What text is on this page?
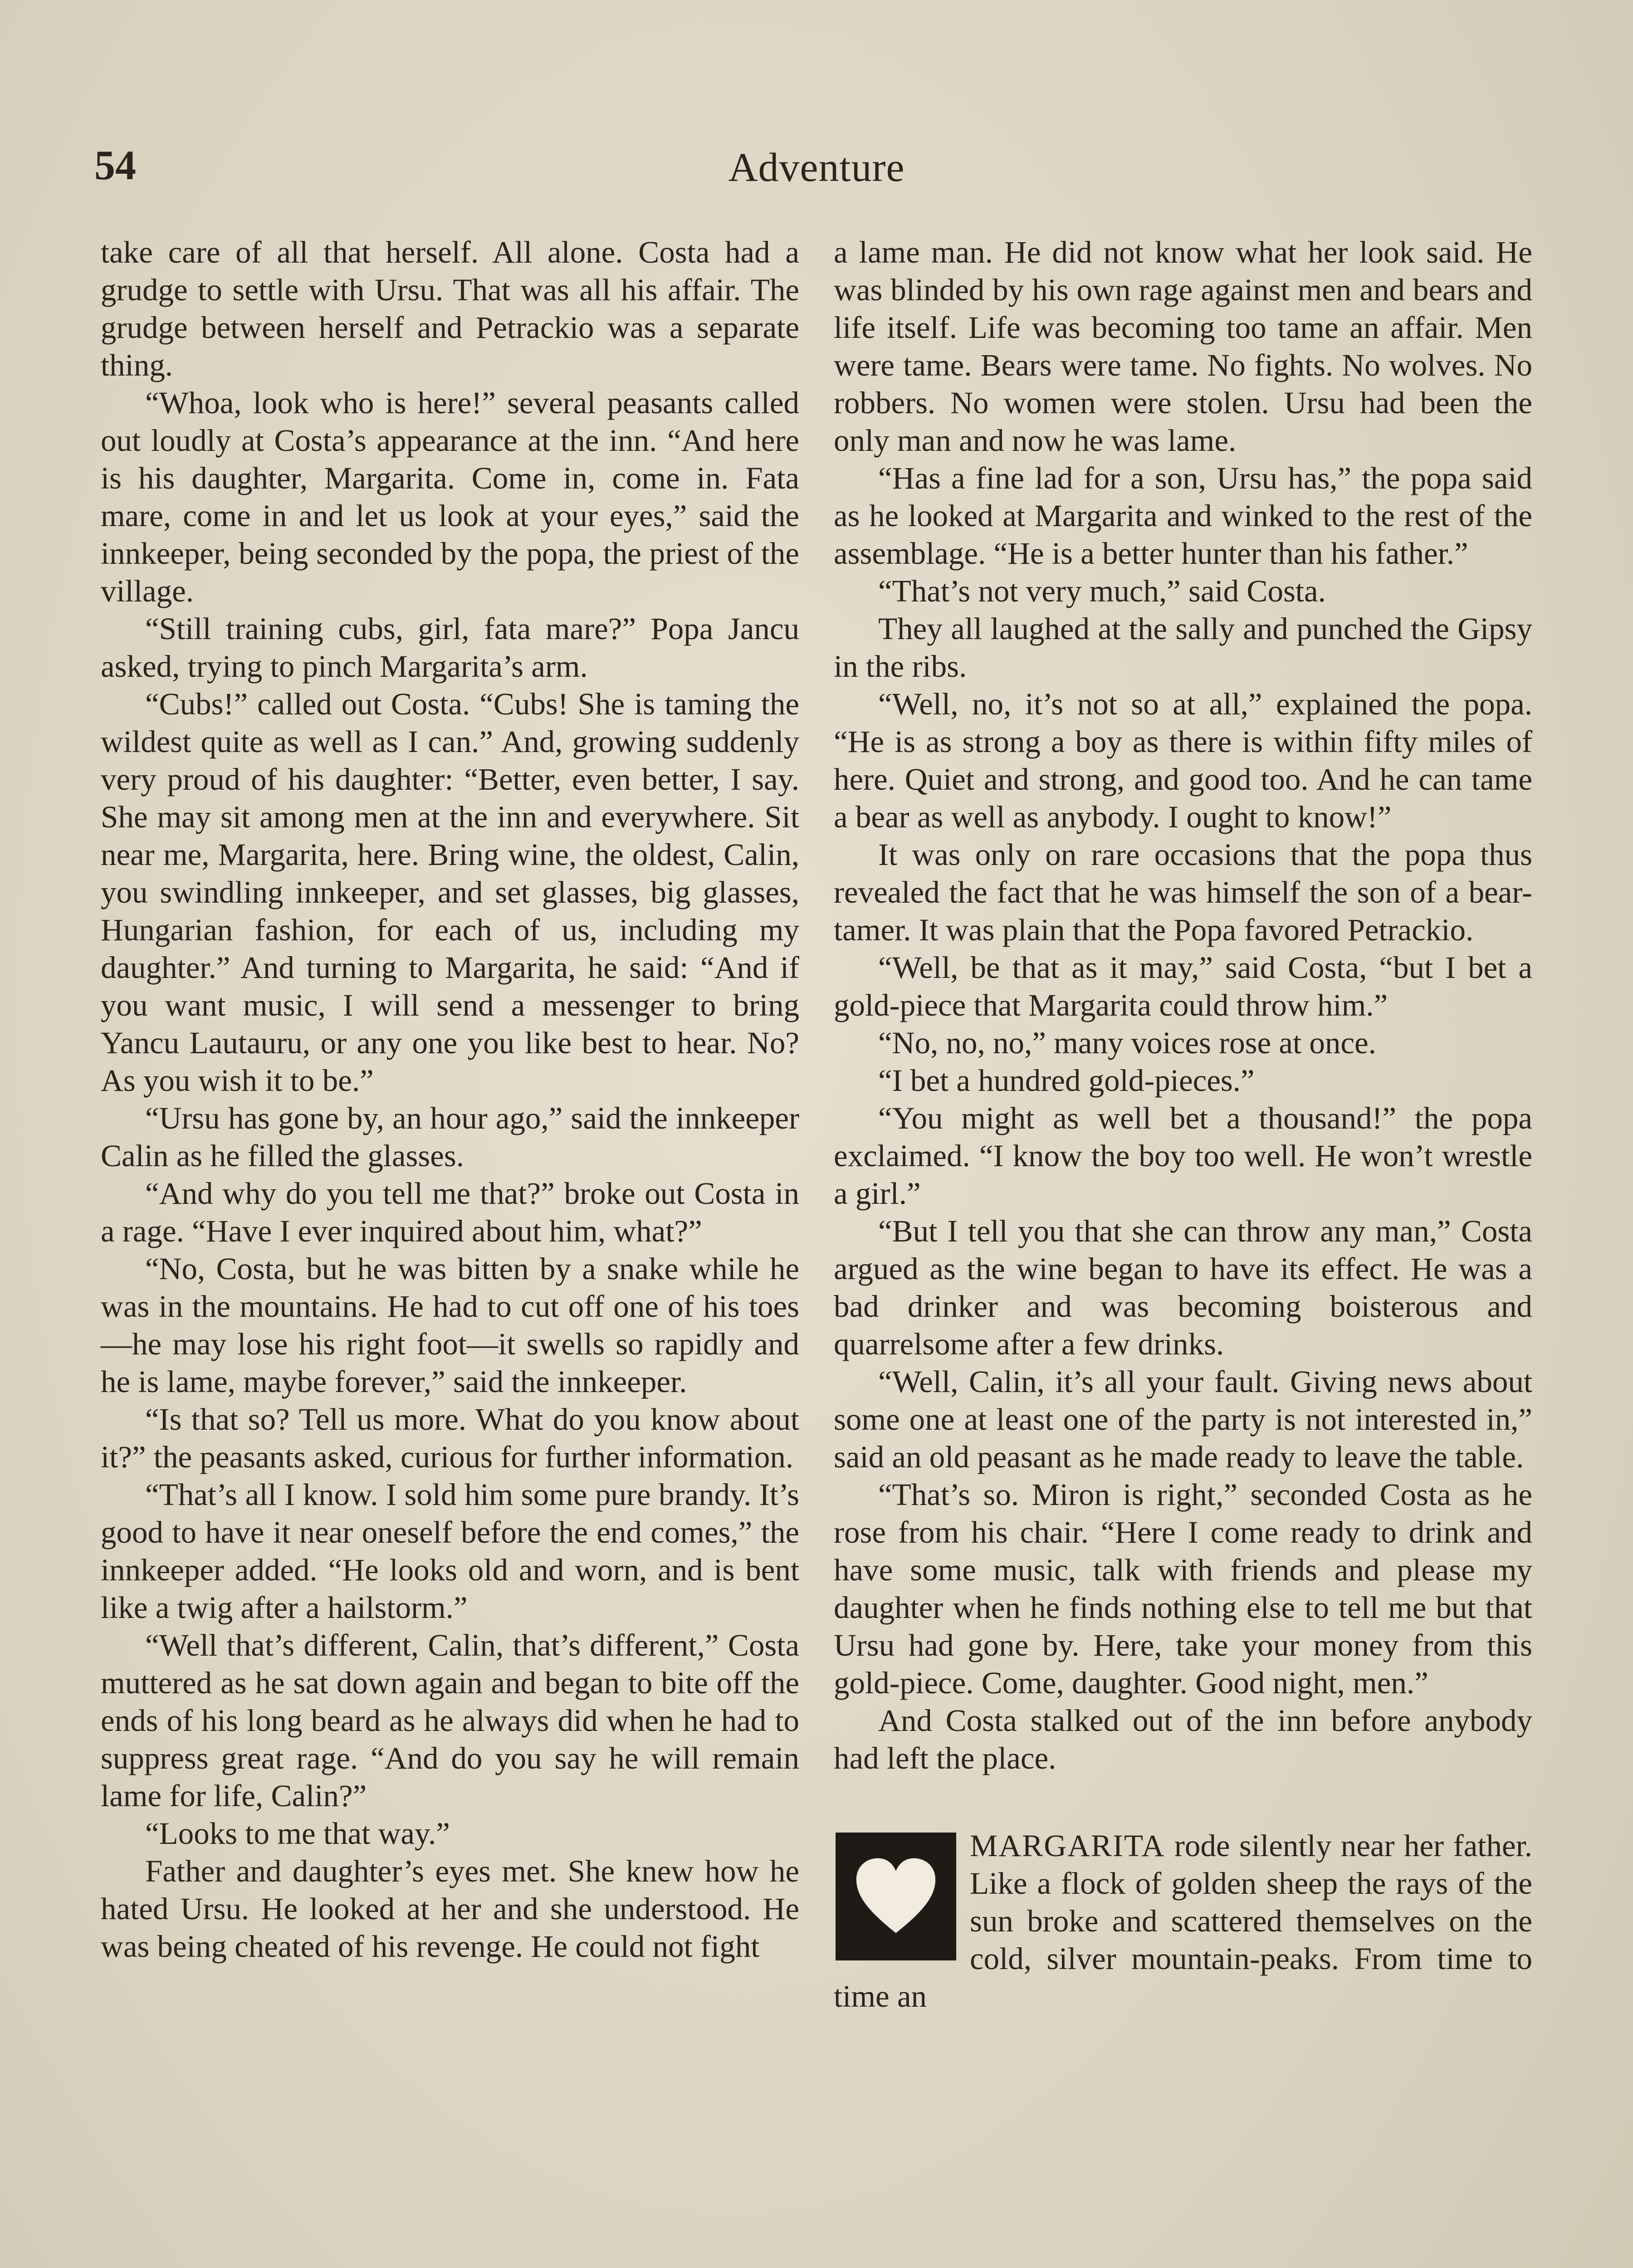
54	Adventure

take care of all that herself. All alone. Costa had a grudge to settle with Ursu. That was all his affair. The grudge between herself and Petrackio was a separate thing.

“Whoa, look who is here!” several peasants called out loudly at Costa’s appearance at the inn. “And here is his daughter, Margarita. Come in, come in. Fata mare, come in and let us look at your eyes,” said the innkeeper, being seconded by the popa, the priest of the village.

“Still training cubs, girl, fata mare?” Popa Jancu asked, trying to pinch Margarita’s arm.

“Cubs!” called out Costa. “Cubs! She is taming the wildest quite as well as I can.” And, growing suddenly very proud of his daughter: “Better, even better, I say. She may sit among men at the inn and everywhere. Sit near me, Margarita, here. Bring wine, the oldest, Calin, you swindling innkeeper, and set glasses, big glasses, Hungarian fashion, for each of us, including my daughter.” And turning to Margarita, he said: “And if you want music, I will send a messenger to bring Yancu Lautauru, or any one you like best to hear. No? As you wish it to be.”

“Ursu has gone by, an hour ago,” said the innkeeper Calin as he filled the glasses.

“And why do you tell me that?” broke out Costa in a rage. “Have I ever inquired about him, what?”

“No, Costa, but he was bitten by a snake while he was in the mountains. He had to cut off one of his toes—he may lose his right foot—it swells so rapidly and he is lame, maybe forever,” said the innkeeper.

“Is that so? Tell us more. What do you know about it?” the peasants asked, curious for further information.

“That’s all I know. I sold him some pure brandy. It’s good to have it near oneself before the end comes,” the innkeeper added. “He looks old and worn, and is bent like a twig after a hailstorm.”

“Well that’s different, Calin, that’s different,” Costa muttered as he sat down again and began to bite off the ends of his long beard as he always did when he had to suppress great rage. “And do you say he will remain lame for life, Calin?”

“Looks to me that way.”

Father and daughter’s eyes met. She knew how he hated Ursu. He looked at her and she understood. He was being cheated of his revenge. He could not fight

a lame man. He did not know what her look said. He was blinded by his own rage against men and bears and life itself. Life was becoming too tame an affair. Men were tame. Bears were tame. No fights. No wolves. No robbers. No women were stolen. Ursu had been the only man and now he was lame.

“Has a fine lad for a son, Ursu has,” the popa said as he looked at Margarita and winked to the rest of the assemblage. “He is a better hunter than his father.”

“That’s not very much,” said Costa.

They all laughed at the sally and punched the Gipsy in the ribs.

“Well, no, it’s not so at all,” explained the popa. “He is as strong a boy as there is within fifty miles of here. Quiet and strong, and good too. And he can tame a bear as well as anybody. I ought to know!”

It was only on rare occasions that the popa thus revealed the fact that he was himself the son of a bear-tamer. It was plain that the Popa favored Petrackio.

“Well, be that as it may,” said Costa, “but I bet a gold-piece that Margarita could throw him.”

“No, no, no,” many voices rose at once.

“I bet a hundred gold-pieces.”

“You might as well bet a thousand!” the popa exclaimed. “I know the boy too well. He won’t wrestle a girl.”

“But I tell you that she can throw any man,” Costa argued as the wine began to have its effect. He was a bad drinker and was becoming boisterous and quarrelsome after a few drinks.

“Well, Calin, it’s all your fault. Giving news about some one at least one of the party is not interested in,” said an old peasant as he made ready to leave the table.

“That’s so. Miron is right,” seconded Costa as he rose from his chair. “Here I come ready to drink and have some music, talk with friends and please my daughter when he finds nothing else to tell me but that Ursu had gone by. Here, take your money from this gold-piece. Come, daughter. Good night, men.”

And Costa stalked out of the inn before anybody had left the place.

MARGARITA rode silently near her father. Like a flock of golden sheep the rays of the sun broke and scattered themselves on the cold, silver mountain-peaks. From time to time an
